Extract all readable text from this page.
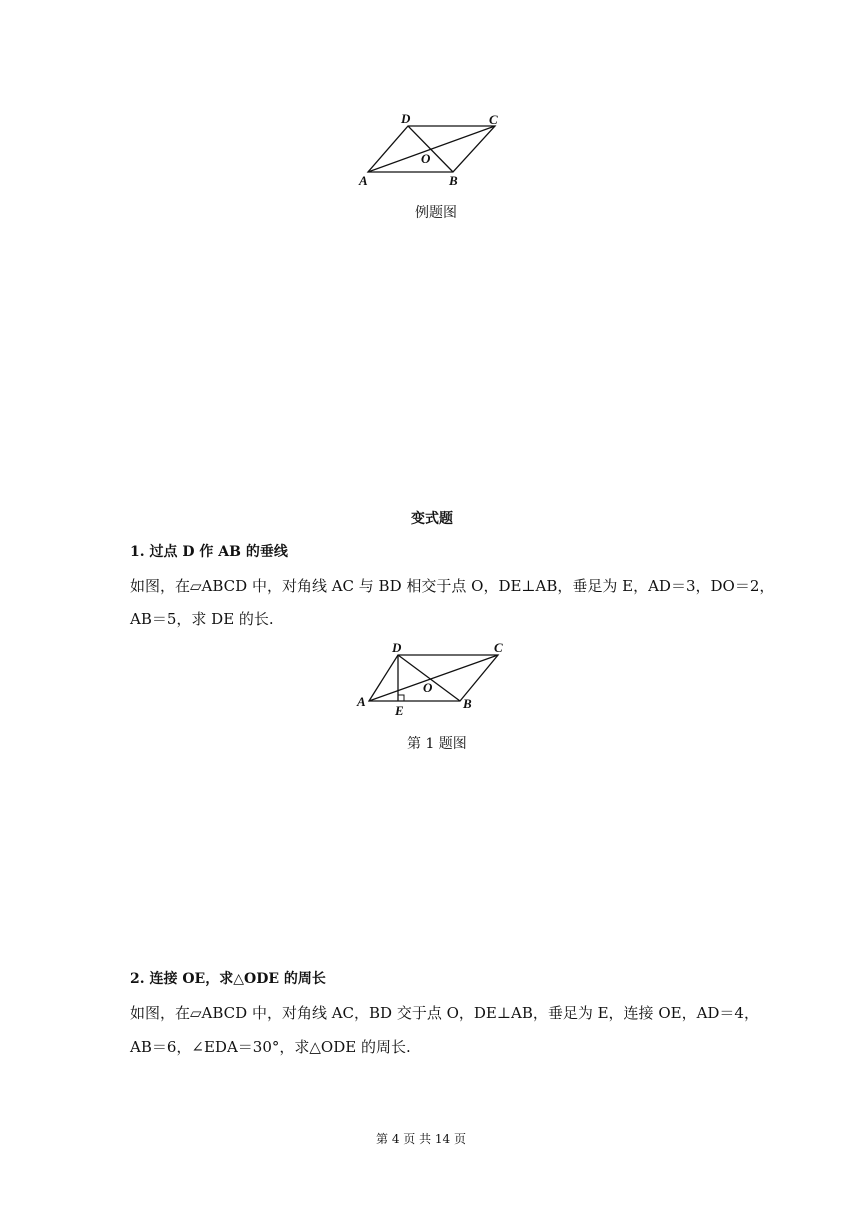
D	C
O
A	B
例题图
变式题
1. 过点 D 作 AB 的垂线
如图，在▱ABCD 中，对角线 AC 与 BD 相交于点 O，DE⊥AB，垂足为 E，AD＝3，DO＝2，
AB＝5，求 DE 的长.
D	C
O
A	B
E
第 1 题图
2. 连接 OE，求△ODE 的周长
如图，在▱ABCD 中，对角线 AC，BD 交于点 O，DE⊥AB，垂足为 E，连接 OE，AD＝4，
AB＝6，∠EDA＝30°，求△ODE 的周长.
第 4 页 共 14 页
